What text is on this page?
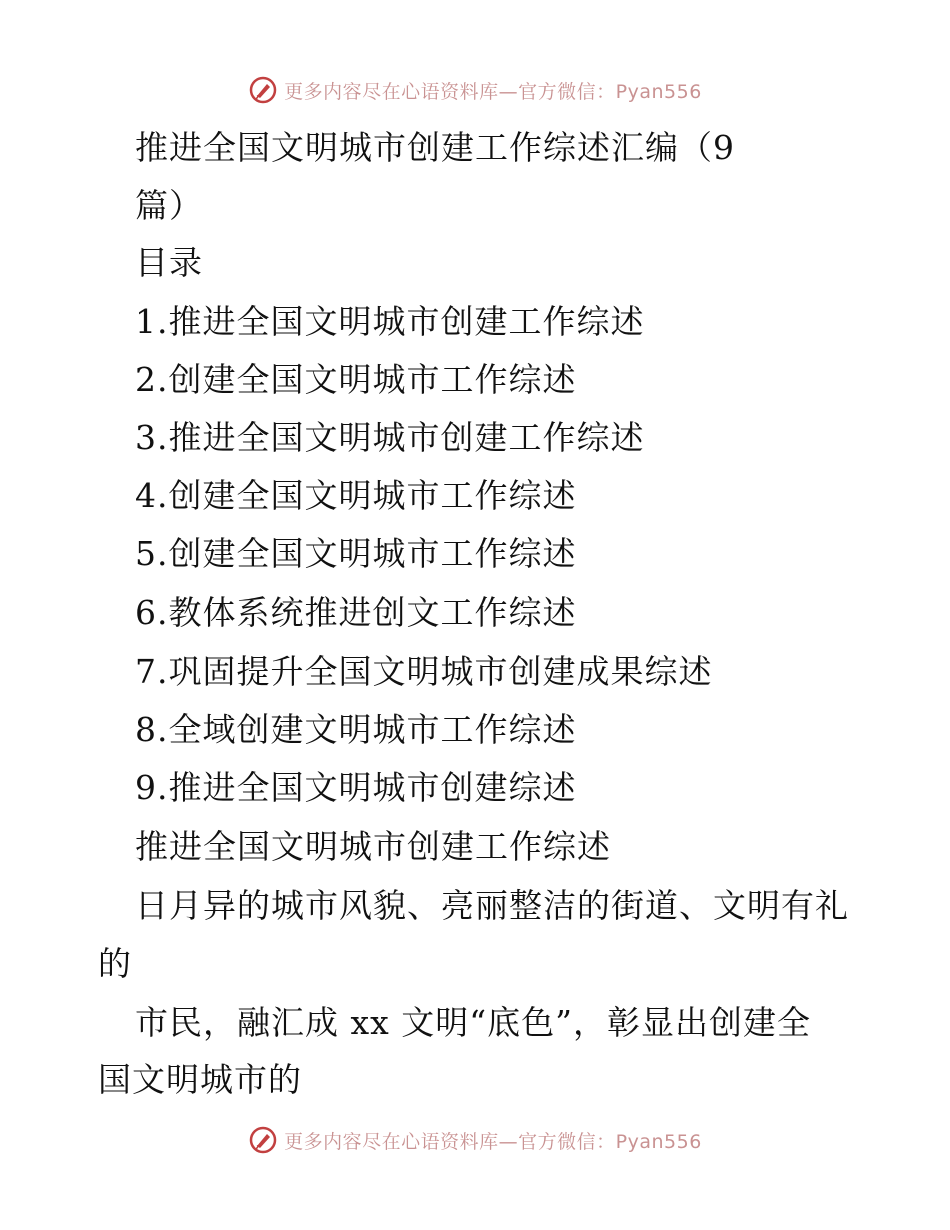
更多内容尽在心语资料库—官方微信：Pyan556
推进全国文明城市创建工作综述汇编（9
篇）
目录
1.推进全国文明城市创建工作综述
2.创建全国文明城市工作综述
3.推进全国文明城市创建工作综述
4.创建全国文明城市工作综述
5.创建全国文明城市工作综述
6.教体系统推进创文工作综述
7.巩固提升全国文明城市创建成果综述
8.全域创建文明城市工作综述
9.推进全国文明城市创建综述
推进全国文明城市创建工作综述
日月异的城市风貌、亮丽整洁的街道、文明有礼
的
市民，融汇成 xx 文明“底色”，彰显出创建全
国文明城市的
更多内容尽在心语资料库—官方微信：Pyan556
